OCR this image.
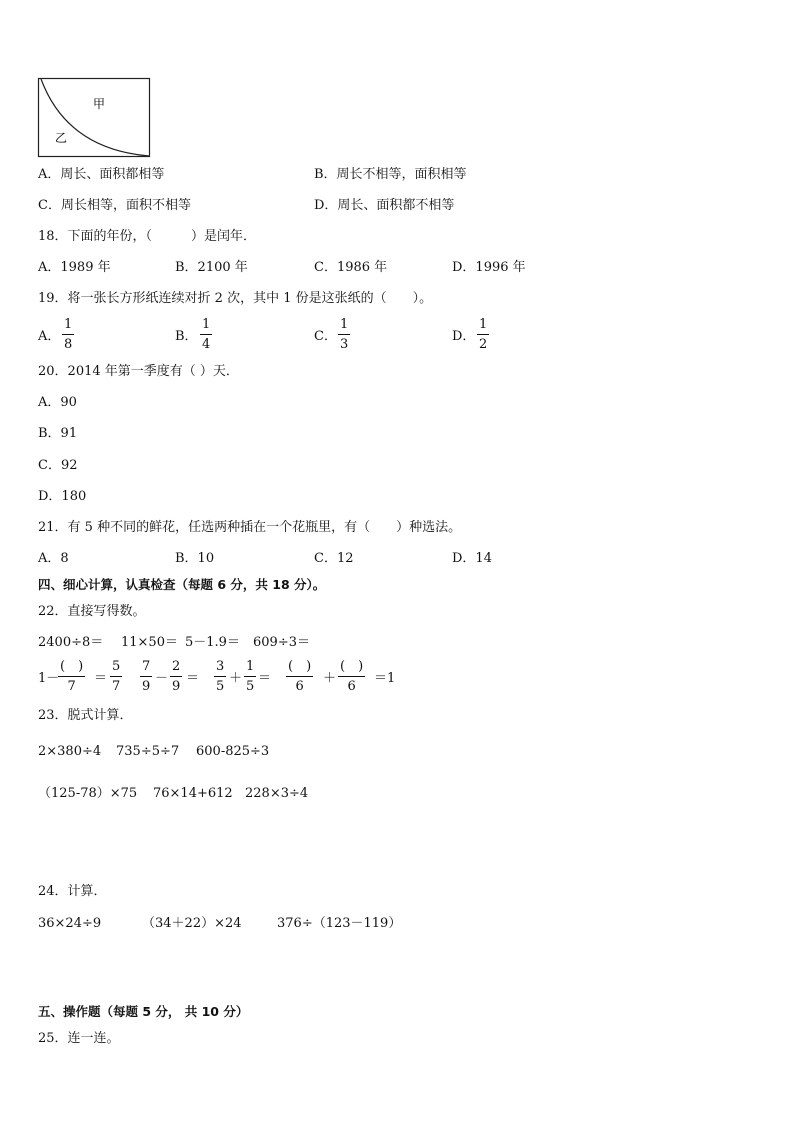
甲
乙
A．周长、面积都相等	B．周长不相等，面积相等
C．周长相等，面积不相等	D．周长、面积都不相等
18．下面的年份，（　　　）是闰年．
A．1989 年	B．2100 年	C．1986 年	D．1996 年
19．将一张长方形纸连续对折 2 次，其中 1 份是这张纸的（　　）。
A． $\frac{1}{8}$	B． $\frac{1}{4}$	C． $\frac{1}{3}$	D． $\frac{1}{2}$
20．2014 年第一季度有（ ）天．
A．90
B．91
C．92
D．180
21．有 5 种不同的鲜花，任选两种插在一个花瓶里，有（　　）种选法。
A．8	B．10	C．12	D．14
四、细心计算，认真检查（每题 6 分，共 18 分）。
22．直接写得数。
2400÷8＝ 11×50＝ 5－1.9＝ 609÷3＝
1－
(　)
7
＝ $\frac{5}{7} \frac{7}{9} - \frac{2}{9} = \frac{3}{5} + \frac{1}{5}$ ＝
(　)
6
＋
(　)
6
＝1
23．脱式计算．
2×380÷4 735÷5÷7 600-825÷3
（125-78）×75 76×14+612 228×3÷4
24．计算．
36×24÷9	（34＋22）×24	376÷（123－119）
五、操作题（每题 5 分， 共 10 分）
25．连一连。
